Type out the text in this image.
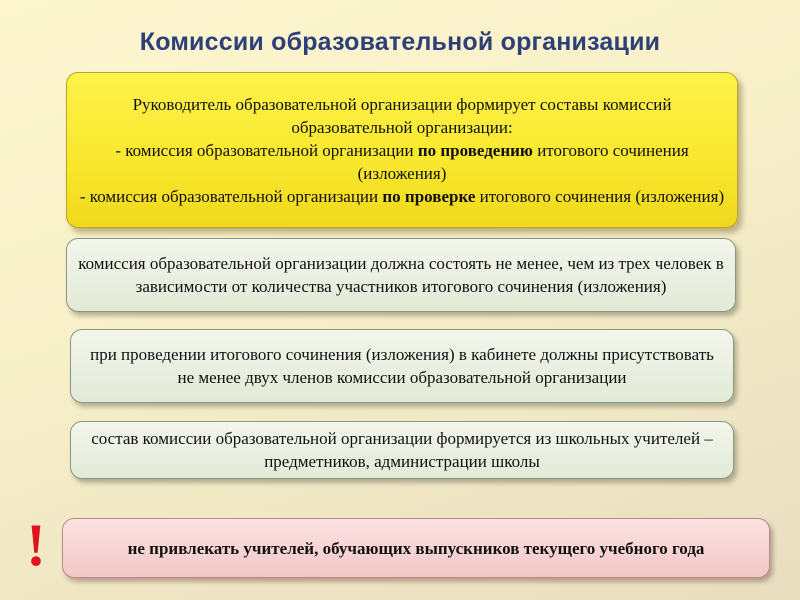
Комиссии образовательной организации
Руководитель образовательной организации формирует составы комиссий образовательной организации:
- комиссия образовательной организации по проведению итогового сочинения (изложения)
- комиссия образовательной организации по проверке итогового сочинения (изложения)
комиссия образовательной организации должна состоять не менее, чем из трех человек в зависимости от количества участников итогового сочинения (изложения)
при проведении итогового сочинения (изложения) в кабинете должны присутствовать не менее двух членов комиссии образовательной организации
состав комиссии образовательной организации формируется из школьных учителей – предметников, администрации школы
!	не привлекать учителей, обучающих выпускников текущего учебного года
